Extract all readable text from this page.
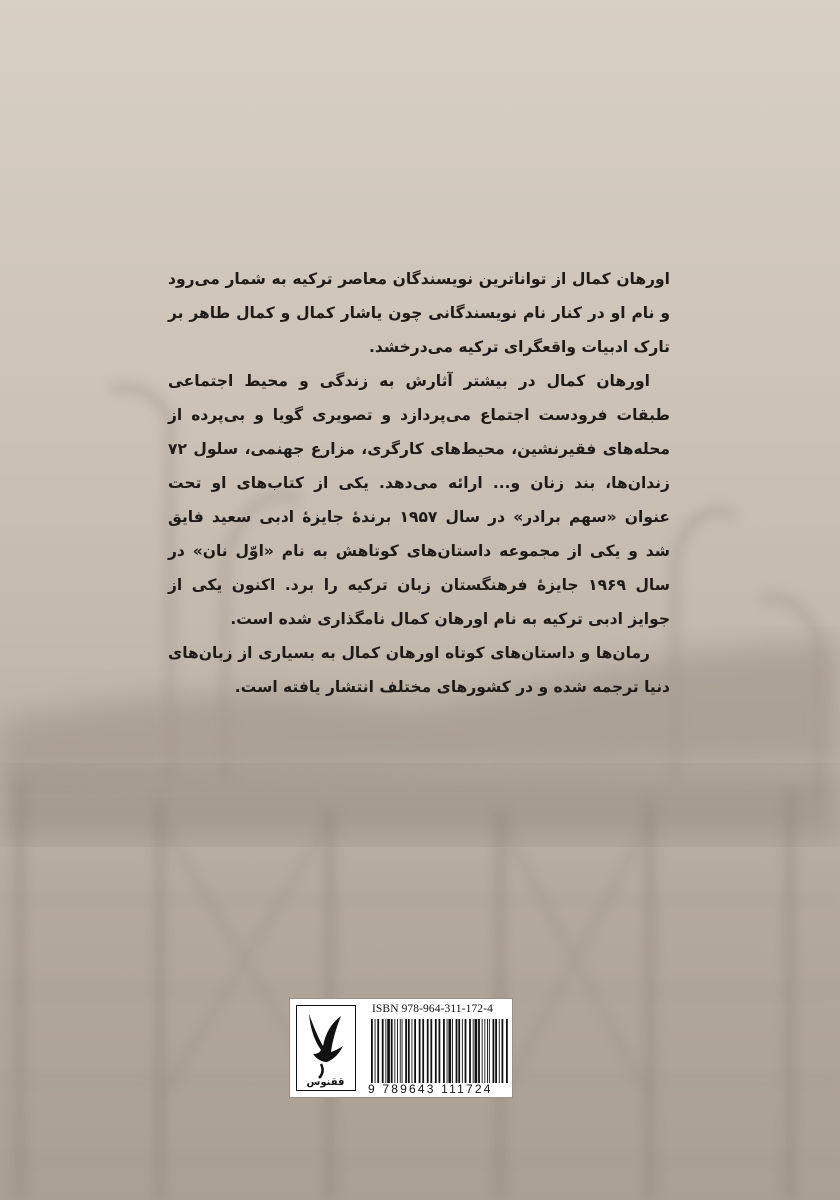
اورهان کمال از تواناترین نویسندگان معاصر ترکیه به شمار می‌رود و نام او در کنار نام نویسندگانی چون یاشار کمال و کمال طاهر بر تارک ادبیات واقعگرای ترکیه می‌درخشد.

اورهان کمال در بیشتر آثارش به زندگی و محیط اجتماعی طبقات فرودست اجتماع می‌پردازد و تصویری گویا و بی‌پرده از محله‌های فقیرنشین، محیط‌های کارگری، مزارع جهنمی، سلول ۷۲ زندان‌ها، بند زنان و... ارائه می‌دهد. یکی از کتاب‌های او تحت عنوان «سهم برادر» در سال ۱۹۵۷ برندهٔ جایزهٔ ادبی سعید فایق شد و یکی از مجموعه داستان‌های کوتاهش به نام «اوّل نان» در سال ۱۹۶۹ جایزهٔ فرهنگستان زبان ترکیه را برد. اکنون یکی از جوایز ادبی ترکیه به نام اورهان کمال نامگذاری شده است.

رمان‌ها و داستان‌های کوتاه اورهان کمال به بسیاری از زبان‌های دنیا ترجمه شده و در کشورهای مختلف انتشار یافته است.

ققنوس
ISBN 978-964-311-172-4
9 789643 111724
